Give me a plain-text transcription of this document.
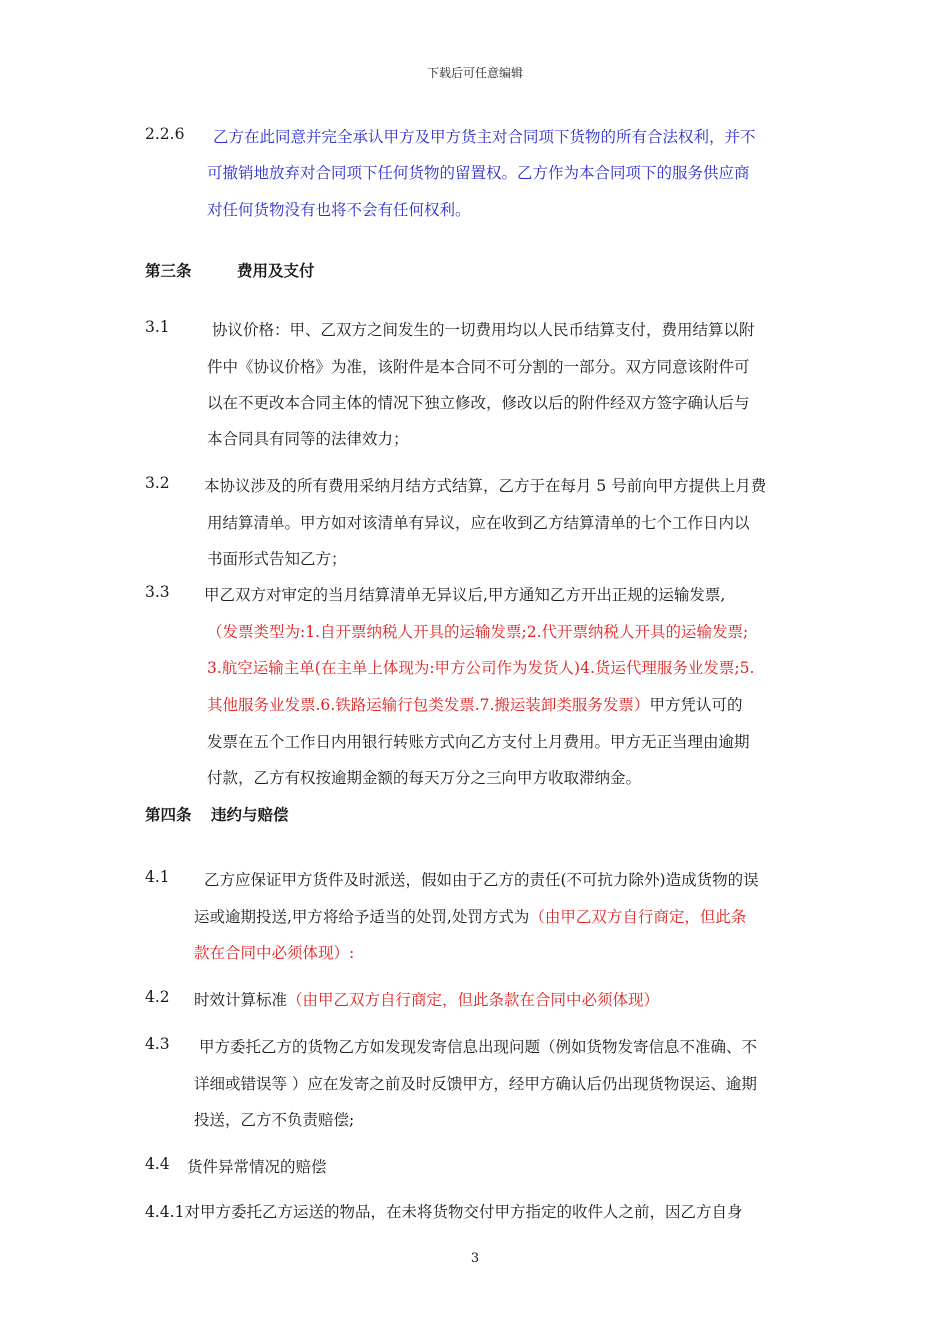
下载后可任意编辑
2.2.6 乙方在此同意并完全承认甲方及甲方货主对合同项下货物的所有合法权利，并不
可撤销地放弃对合同项下任何货物的留置权。乙方作为本合同项下的服务供应商
对任何货物没有也将不会有任何权利。
第三条	费用及支付
3.1	协议价格：甲、乙双方之间发生的一切费用均以人民币结算支付，费用结算以附
件中《协议价格》为准，该附件是本合同不可分割的一部分。双方同意该附件可
以在不更改本合同主体的情况下独立修改，修改以后的附件经双方签字确认后与
本合同具有同等的法律效力；
3.2 本协议涉及的所有费用采纳月结方式结算，乙方于在每月 5 号前向甲方提供上月费
用结算清单。甲方如对该清单有异议，应在收到乙方结算清单的七个工作日内以
书面形式告知乙方；
3.3 甲乙双方对审定的当月结算清单无异议后,甲方通知乙方开出正规的运输发票,
（发票类型为:1.自开票纳税人开具的运输发票;2.代开票纳税人开具的运输发票;
3.航空运输主单(在主单上体现为:甲方公司作为发货人)4.货运代理服务业发票;5.
其他服务业发票.6.铁路运输行包类发票.7.搬运装卸类服务发票）甲方凭认可的
发票在五个工作日内用银行转账方式向乙方支付上月费用。甲方无正当理由逾期
付款，乙方有权按逾期金额的每天万分之三向甲方收取滞纳金。
第四条 违约与赔偿
4.1 乙方应保证甲方货件及时派送，假如由于乙方的责任(不可抗力除外)造成货物的误
运或逾期投送,甲方将给予适当的处罚,处罚方式为（由甲乙双方自行商定，但此条
款在合同中必须体现）:
4.2 时效计算标准（由甲乙双方自行商定，但此条款在合同中必须体现）
4.3 甲方委托乙方的货物乙方如发现发寄信息出现问题（例如货物发寄信息不准确、不
详细或错误等 ）应在发寄之前及时反馈甲方，经甲方确认后仍出现货物误运、逾期
投送，乙方不负责赔偿;
4.4 货件异常情况的赔偿
4.4.1对甲方委托乙方运送的物品，在未将货物交付甲方指定的收件人之前，因乙方自身
3
